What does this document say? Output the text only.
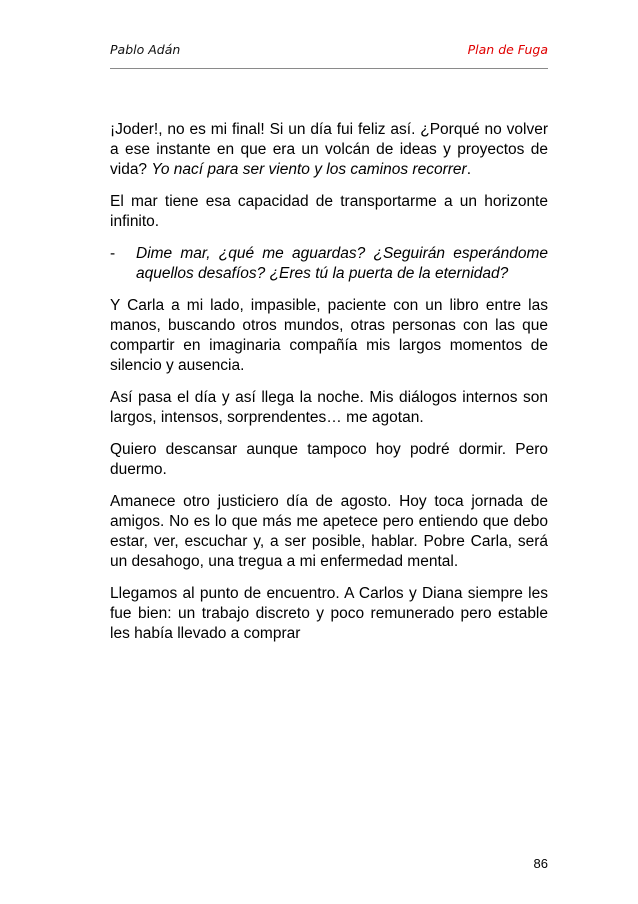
Pablo Adán	Plan de Fuga

¡Joder!, no es mi final! Si un día fui feliz así. ¿Porqué no volver a ese instante en que era un volcán de ideas y proyectos de vida? Yo nací para ser viento y los caminos recorrer.

El mar tiene esa capacidad de transportarme a un horizonte infinito.

-	Dime mar, ¿qué me aguardas? ¿Seguirán esperándome aquellos desafíos? ¿Eres tú la puerta de la eternidad?

Y Carla a mi lado, impasible, paciente con un libro entre las manos, buscando otros mundos, otras personas con las que compartir en imaginaria compañía mis largos momentos de silencio y ausencia.

Así pasa el día y así llega la noche. Mis diálogos internos son largos, intensos, sorprendentes… me agotan.

Quiero descansar aunque tampoco hoy podré dormir. Pero duermo.

Amanece otro justiciero día de agosto. Hoy toca jornada de amigos. No es lo que más me apetece pero entiendo que debo estar, ver, escuchar y, a ser posible, hablar. Pobre Carla, será un desahogo, una tregua a mi enfermedad mental.

Llegamos al punto de encuentro. A Carlos y Diana siempre les fue bien: un trabajo discreto y poco remunerado pero estable les había llevado a comprar

86
